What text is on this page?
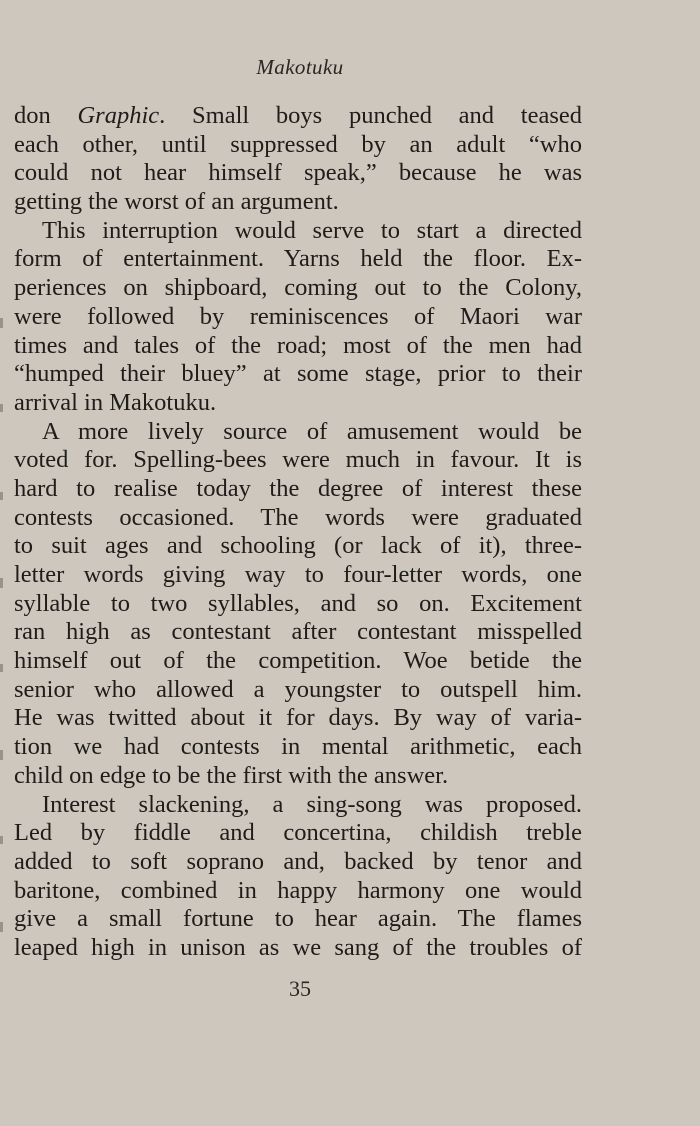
Makotuku
don Graphic. Small boys punched and teased
each other, until suppressed by an adult “who
could not hear himself speak,” because he was
getting the worst of an argument.
This interruption would serve to start a directed
form of entertainment. Yarns held the floor. Ex-
periences on shipboard, coming out to the Colony,
were followed by reminiscences of Maori war
times and tales of the road; most of the men had
“humped their bluey” at some stage, prior to their
arrival in Makotuku.
A more lively source of amusement would be
voted for. Spelling-bees were much in favour. It is
hard to realise today the degree of interest these
contests occasioned. The words were graduated
to suit ages and schooling (or lack of it), three-
letter words giving way to four-letter words, one
syllable to two syllables, and so on. Excitement
ran high as contestant after contestant misspelled
himself out of the competition. Woe betide the
senior who allowed a youngster to outspell him.
He was twitted about it for days. By way of varia-
tion we had contests in mental arithmetic, each
child on edge to be the first with the answer.
Interest slackening, a sing-song was proposed.
Led by fiddle and concertina, childish treble
added to soft soprano and, backed by tenor and
baritone, combined in happy harmony one would
give a small fortune to hear again. The flames
leaped high in unison as we sang of the troubles of
35
